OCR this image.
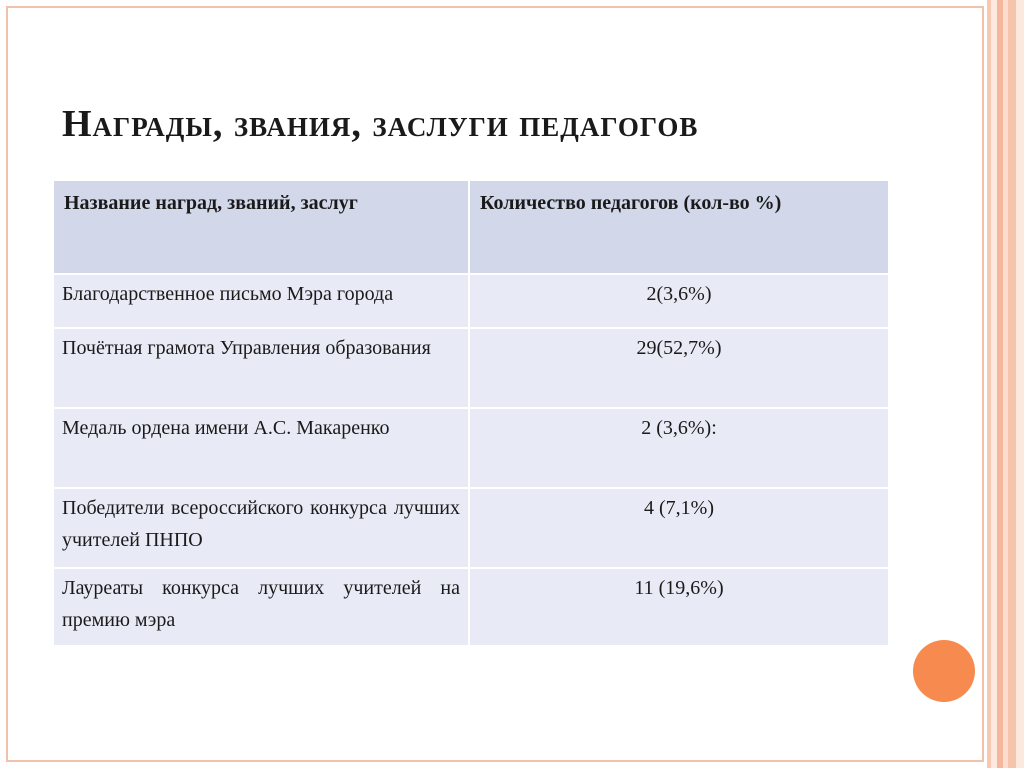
Награды, звания, заслуги педагогов
Название наград, званий, заслуг	Количество педагогов (кол-во %)
Благодарственное письмо Мэра города	2(3,6%)
Почётная грамота Управления образования	29(52,7%)
Медаль ордена имени А.С. Макаренко	2 (3,6%):
Победители всероссийского конкурса лучших учителей ПНПО	4 (7,1%)
Лауреаты конкурса лучших учителей на премию мэра	11 (19,6%)
